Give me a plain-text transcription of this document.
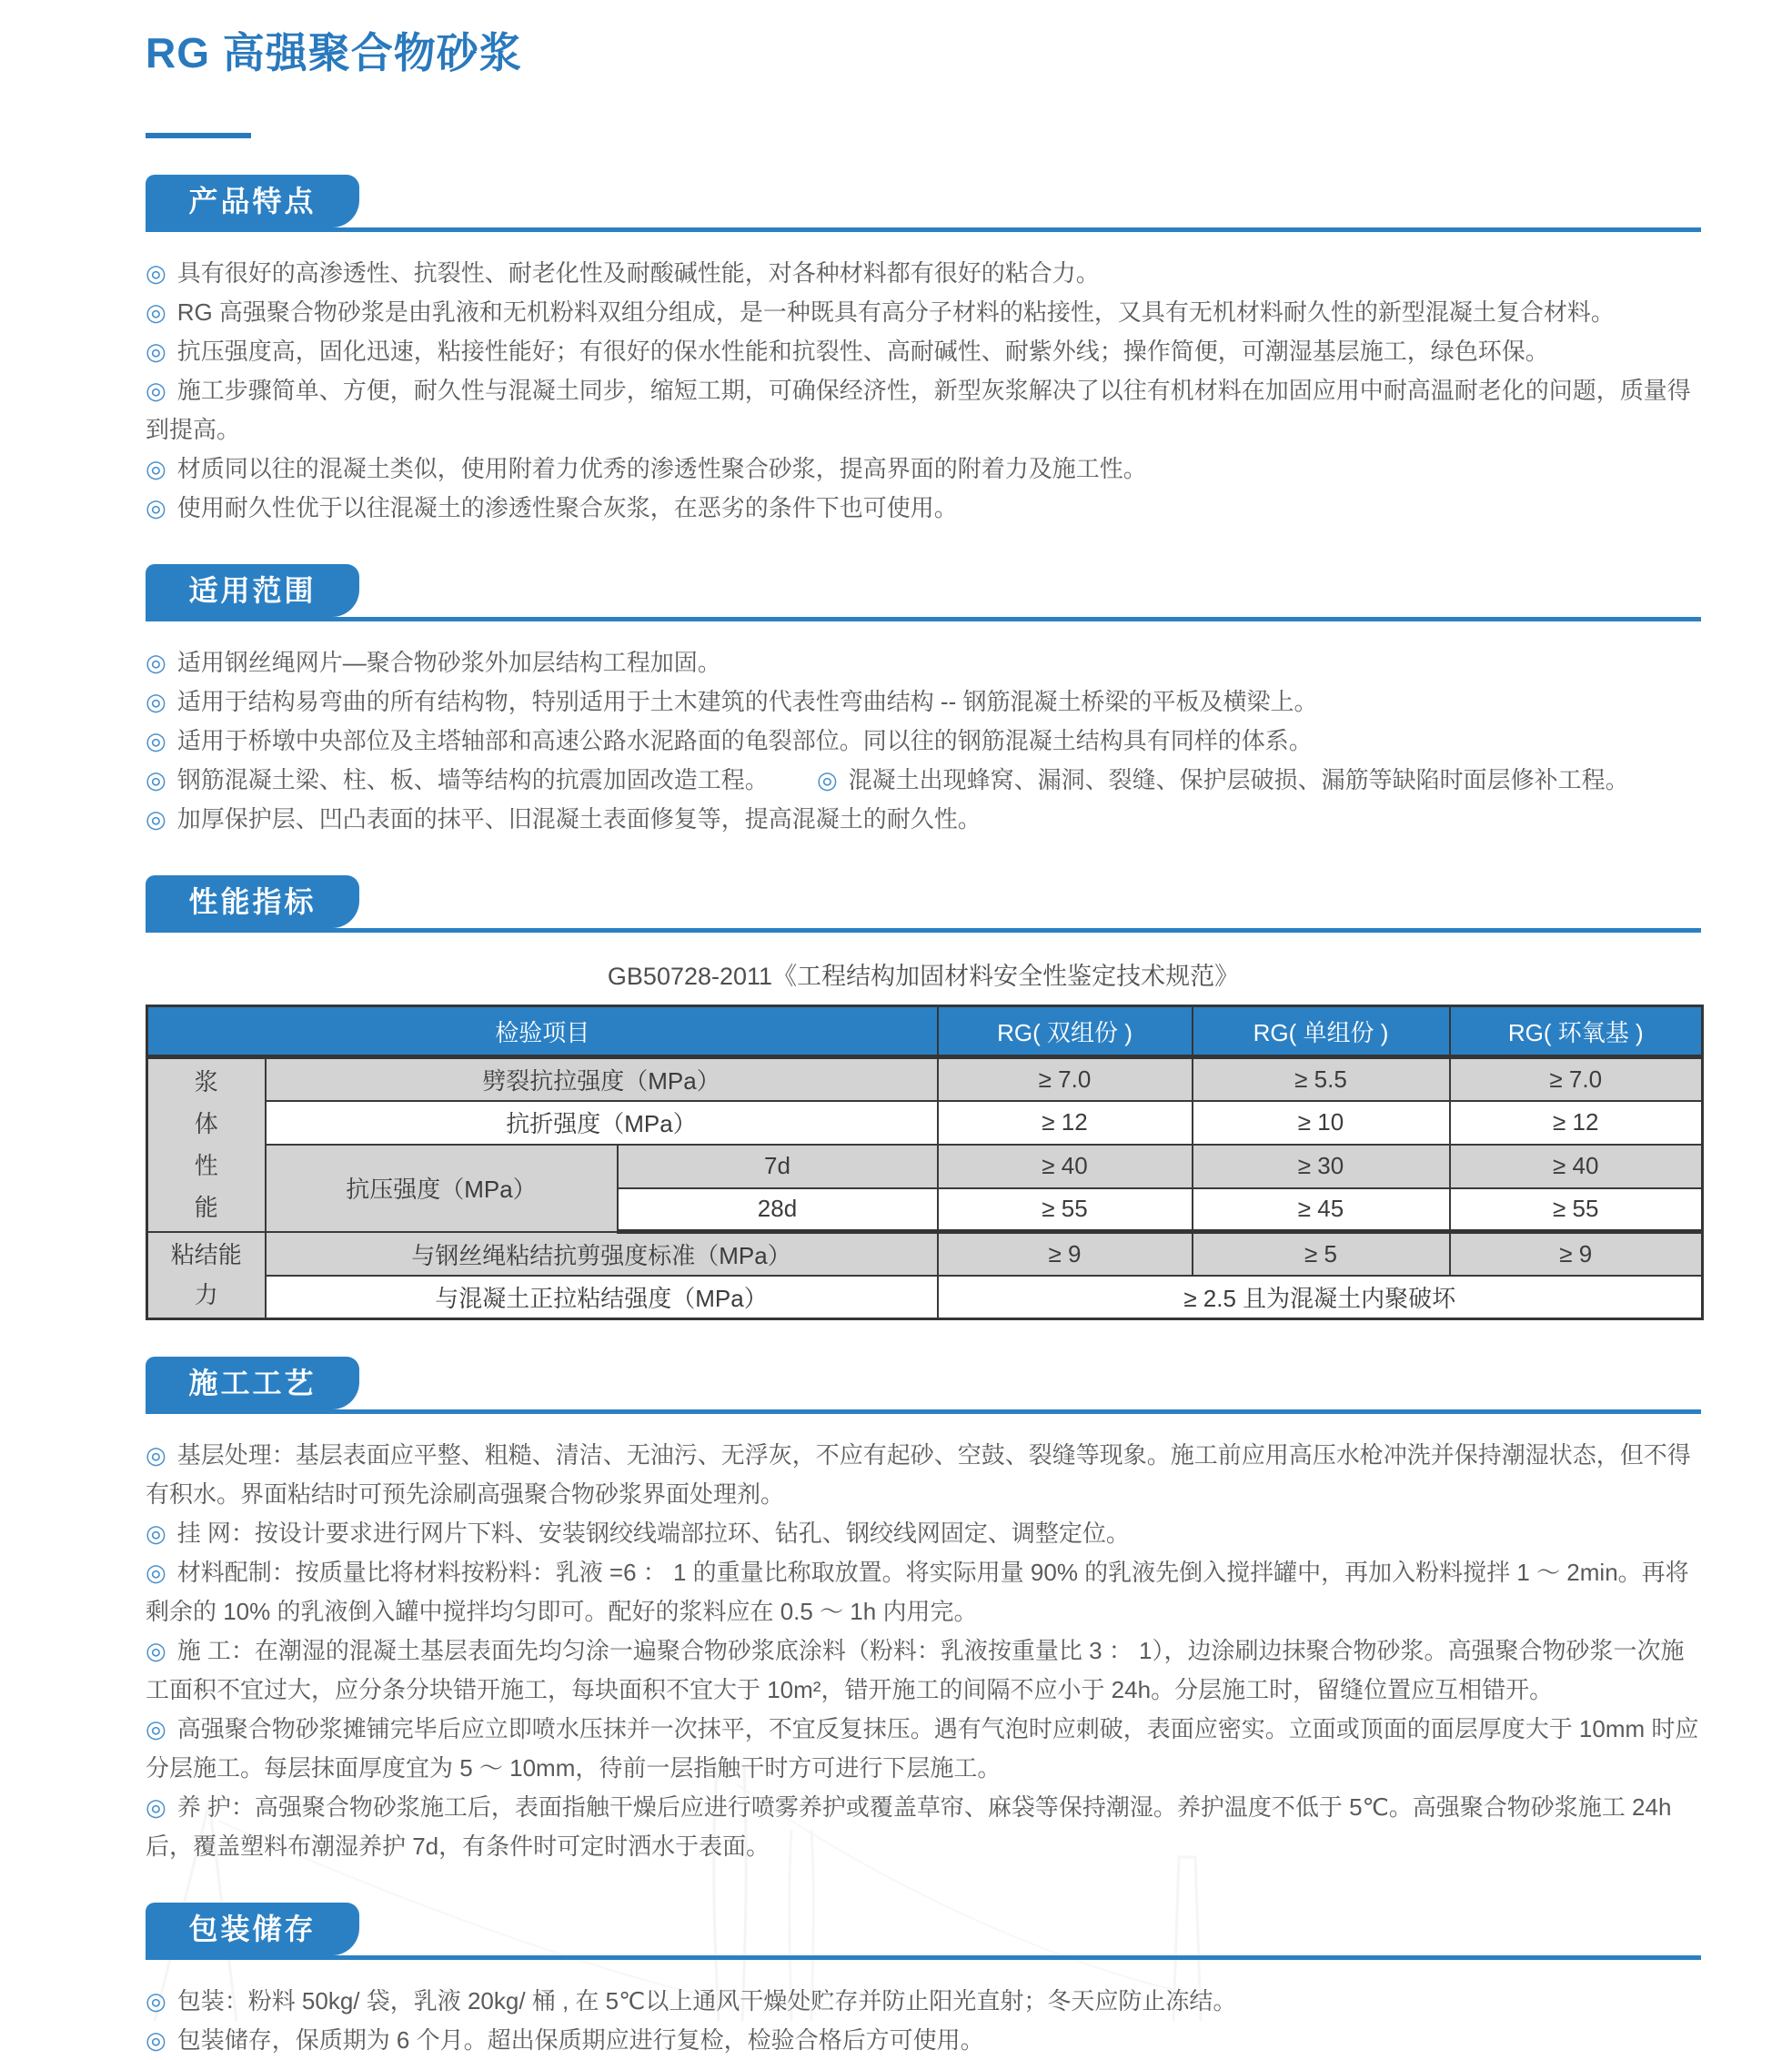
RG 高强聚合物砂浆
产品特点

◎ 具有很好的高渗透性、抗裂性、耐老化性及耐酸碱性能，对各种材料都有很好的粘合力。

◎ RG 高强聚合物砂浆是由乳液和无机粉料双组分组成，是一种既具有高分子材料的粘接性，又具有无机材料耐久性的新型混凝土复合材料。

◎ 抗压强度高，固化迅速，粘接性能好；有很好的保水性能和抗裂性、高耐碱性、耐紫外线；操作简便，可潮湿基层施工，绿色环保。

◎ 施工步骤简单、方便，耐久性与混凝土同步，缩短工期，可确保经济性，新型灰浆解决了以往有机材料在加固应用中耐高温耐老化的问题，质量得到提高。

◎ 材质同以往的混凝土类似，使用附着力优秀的渗透性聚合砂浆，提高界面的附着力及施工性。

◎ 使用耐久性优于以往混凝土的渗透性聚合灰浆，在恶劣的条件下也可使用。

适用范围

◎ 适用钢丝绳网片—聚合物砂浆外加层结构工程加固。

◎ 适用于结构易弯曲的所有结构物，特别适用于土木建筑的代表性弯曲结构 -- 钢筋混凝土桥梁的平板及横梁上。

◎ 适用于桥墩中央部位及主塔轴部和高速公路水泥路面的龟裂部位。同以往的钢筋混凝土结构具有同样的体系。

◎ 钢筋混凝土梁、柱、板、墙等结构的抗震加固改造工程。 ◎ 混凝土出现蜂窝、漏洞、裂缝、保护层破损、漏筋等缺陷时面层修补工程。

◎ 加厚保护层、凹凸表面的抹平、旧混凝土表面修复等，提高混凝土的耐久性。

性能指标
GB50728-2011《工程结构加固材料安全性鉴定技术规范》
检验项目			RG( 双组份 )	RG( 单组份 )	RG( 环氧基 )
浆体性能	劈裂抗拉强度（MPa）		≥ 7.0	≥ 5.5	≥ 7.0
	抗折强度（MPa）		≥ 12	≥ 10	≥ 12
	抗压强度（MPa）	7d	≥ 40	≥ 30	≥ 40
		28d	≥ 55	≥ 45	≥ 55
粘结能力	与钢丝绳粘结抗剪强度标准（MPa）		≥ 9	≥ 5	≥ 9
	与混凝土正拉粘结强度（MPa）		≥ 2.5 且为混凝土内聚破坏		
施工工艺

◎ 基层处理：基层表面应平整、粗糙、清洁、无油污、无浮灰，不应有起砂、空鼓、裂缝等现象。施工前应用高压水枪冲洗并保持潮湿状态，但不得有积水。界面粘结时可预先涂刷高强聚合物砂浆界面处理剂。

◎ 挂 网：按设计要求进行网片下料、安装钢绞线端部拉环、钻孔、钢绞线网固定、调整定位。

◎ 材料配制：按质量比将材料按粉料：乳液 =6 ： 1 的重量比称取放置。将实际用量 90% 的乳液先倒入搅拌罐中，再加入粉料搅拌 1 ～ 2min。再将剩余的 10% 的乳液倒入罐中搅拌均匀即可。配好的浆料应在 0.5 ～ 1h 内用完。

◎ 施 工：在潮湿的混凝土基层表面先均匀涂一遍聚合物砂浆底涂料（粉料：乳液按重量比 3 ： 1），边涂刷边抹聚合物砂浆。高强聚合物砂浆一次施工面积不宜过大，应分条分块错开施工，每块面积不宜大于 10m²，错开施工的间隔不应小于 24h。分层施工时，留缝位置应互相错开。

◎ 高强聚合物砂浆摊铺完毕后应立即喷水压抹并一次抹平，不宜反复抹压。遇有气泡时应刺破，表面应密实。立面或顶面的面层厚度大于 10mm 时应分层施工。每层抹面厚度宜为 5 ～ 10mm，待前一层指触干时方可进行下层施工。

◎ 养 护：高强聚合物砂浆施工后，表面指触干燥后应进行喷雾养护或覆盖草帘、麻袋等保持潮湿。养护温度不低于 5℃。高强聚合物砂浆施工 24h 后，覆盖塑料布潮湿养护 7d，有条件时可定时洒水于表面。

包装储存

◎ 包装：粉料 50kg/ 袋，乳液 20kg/ 桶 , 在 5℃以上通风干燥处贮存并防止阳光直射；冬天应防止冻结。

◎ 包装储存，保质期为 6 个月。超出保质期应进行复检，检验合格后方可使用。
